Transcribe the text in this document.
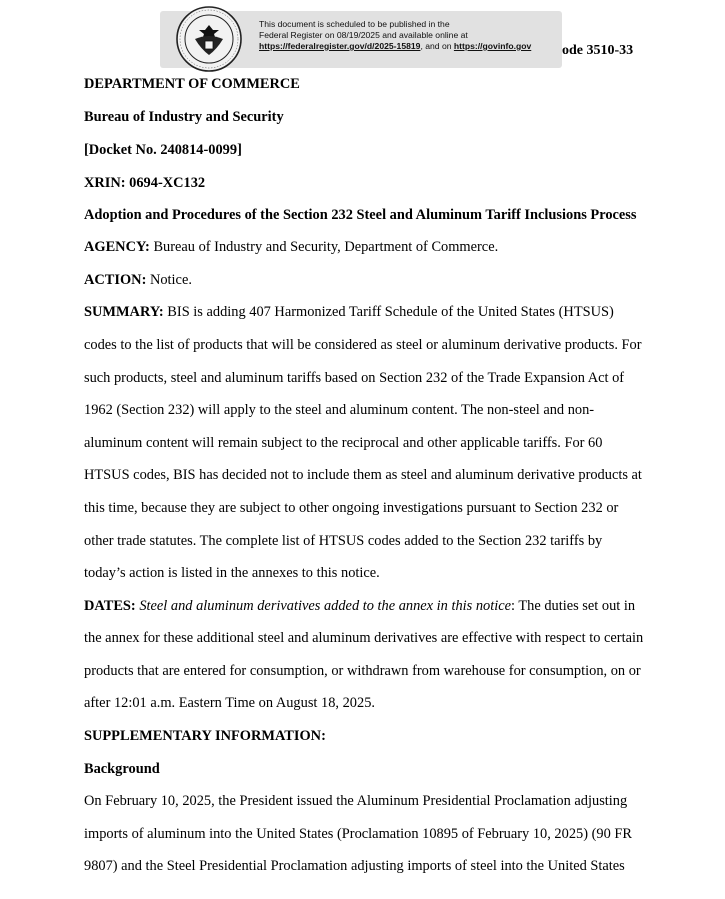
This document is scheduled to be published in the
Federal Register on 08/19/2025 and available online at
https://federalregister.gov/d/2025-15819, and on https://govinfo.gov	ode 3510-33
DEPARTMENT OF COMMERCE
Bureau of Industry and Security
[Docket No. 240814-0099]
XRIN: 0694-XC132
Adoption and Procedures of the Section 232 Steel and Aluminum Tariff Inclusions Process
AGENCY: Bureau of Industry and Security, Department of Commerce.
ACTION: Notice.
SUMMARY: BIS is adding 407 Harmonized Tariff Schedule of the United States (HTSUS)
codes to the list of products that will be considered as steel or aluminum derivative products. For
such products, steel and aluminum tariffs based on Section 232 of the Trade Expansion Act of
1962 (Section 232) will apply to the steel and aluminum content. The non-steel and non-
aluminum content will remain subject to the reciprocal and other applicable tariffs. For 60
HTSUS codes, BIS has decided not to include them as steel and aluminum derivative products at
this time, because they are subject to other ongoing investigations pursuant to Section 232 or
other trade statutes. The complete list of HTSUS codes added to the Section 232 tariffs by
today’s action is listed in the annexes to this notice.
DATES: Steel and aluminum derivatives added to the annex in this notice: The duties set out in
the annex for these additional steel and aluminum derivatives are effective with respect to certain
products that are entered for consumption, or withdrawn from warehouse for consumption, on or
after 12:01 a.m. Eastern Time on August 18, 2025.
SUPPLEMENTARY INFORMATION:
Background
On February 10, 2025, the President issued the Aluminum Presidential Proclamation adjusting
imports of aluminum into the United States (Proclamation 10895 of February 10, 2025) (90 FR
9807) and the Steel Presidential Proclamation adjusting imports of steel into the United States
